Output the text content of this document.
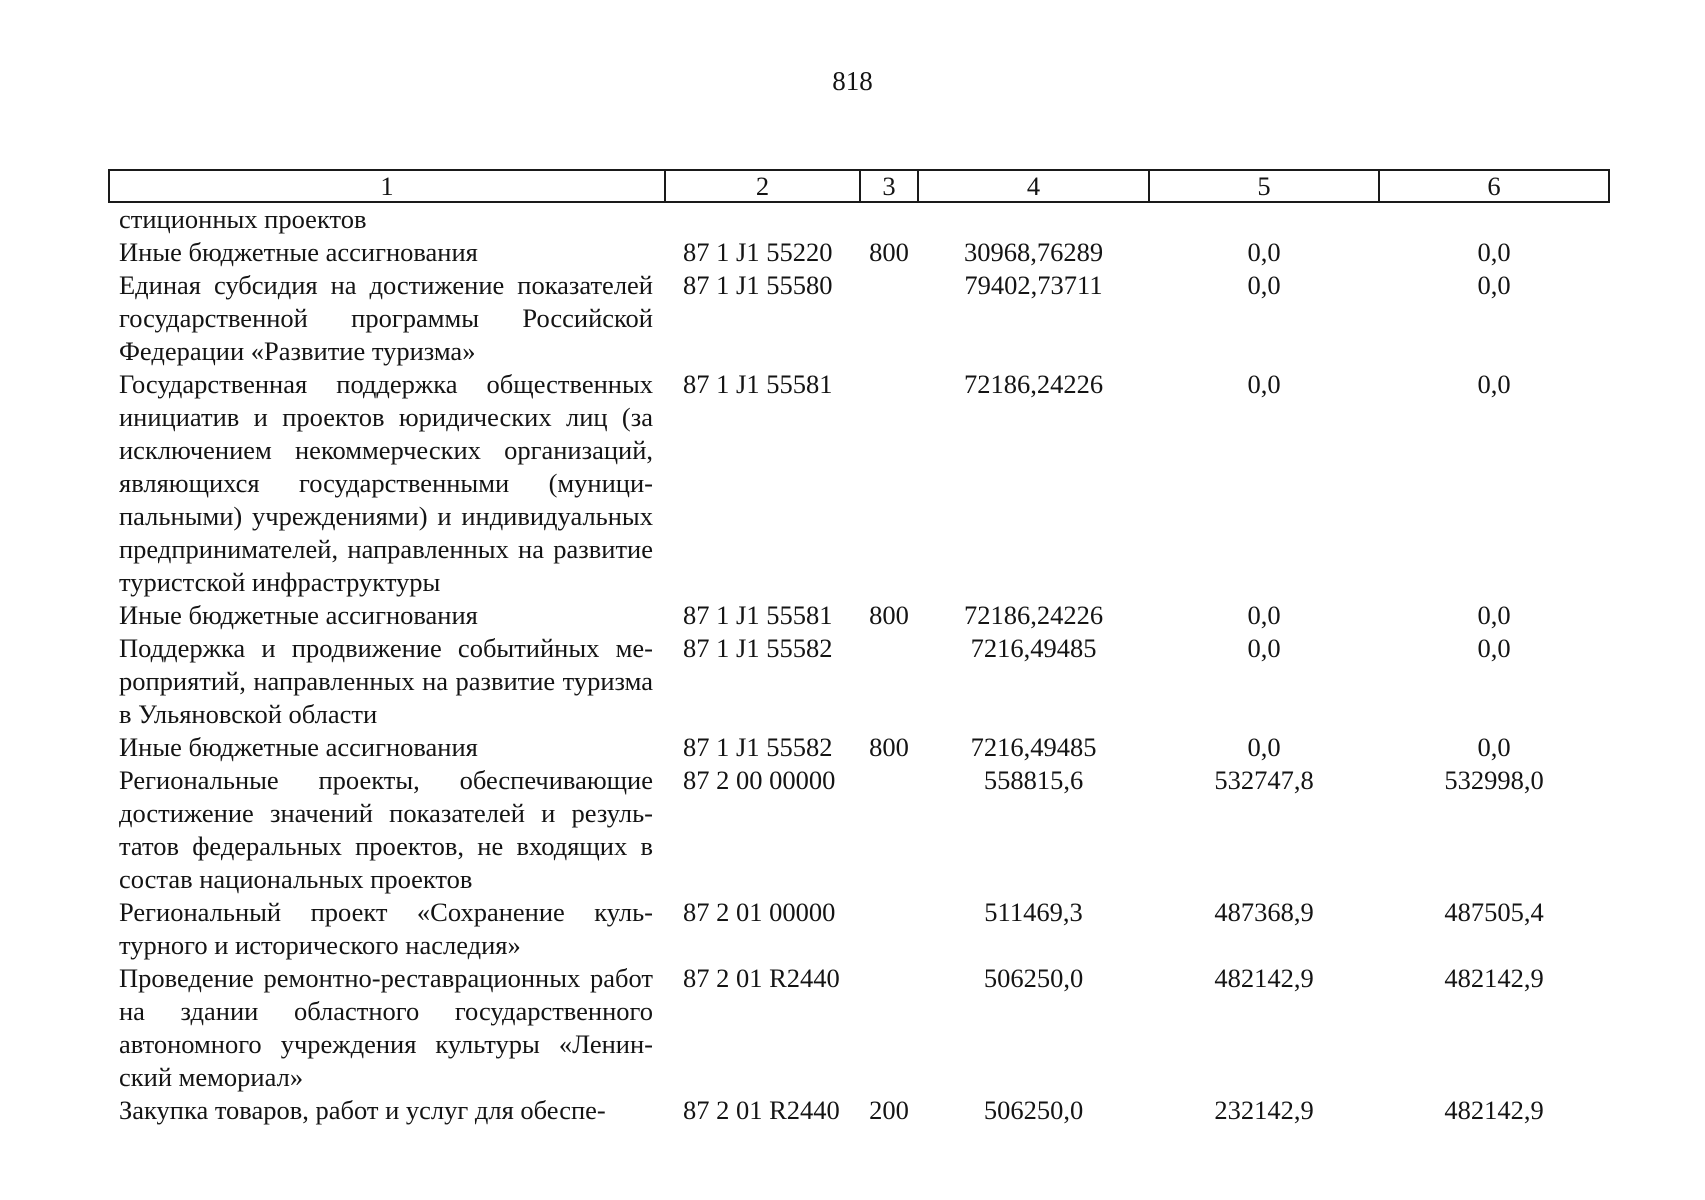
818
1	2	3	4	5	6
стиционных проектов					
Иные бюджетные ассигнования	87 1 J1 55220	800	30968,76289	0,0	0,0
Единая субсидия на достижение показателей государственной программы Российской Федерации «Развитие туризма»	87 1 J1 55580		79402,73711	0,0	0,0
Государственная поддержка общественных инициатив и проектов юридических лиц (за исключением некоммерческих организаций, являющихся государственными (муниципальными) учреждениями) и индивидуальных предпринимателей, направленных на развитие туристской инфраструктуры	87 1 J1 55581		72186,24226	0,0	0,0
Иные бюджетные ассигнования	87 1 J1 55581	800	72186,24226	0,0	0,0
Поддержка и продвижение событийных мероприятий, направленных на развитие туризма в Ульяновской области	87 1 J1 55582		7216,49485	0,0	0,0
Иные бюджетные ассигнования	87 1 J1 55582	800	7216,49485	0,0	0,0
Региональные проекты, обеспечивающие достижение значений показателей и результатов федеральных проектов, не входящих в состав национальных проектов	87 2 00 00000		558815,6	532747,8	532998,0
Региональный проект «Сохранение культурного и исторического наследия»	87 2 01 00000		511469,3	487368,9	487505,4
Проведение ремонтно-реставрационных работ на здании областного государственного автономного учреждения культуры «Ленинский мемориал»	87 2 01 R2440		506250,0	482142,9	482142,9
Закупка товаров, работ и услуг для обеспе-	87 2 01 R2440	200	506250,0	232142,9	482142,9
